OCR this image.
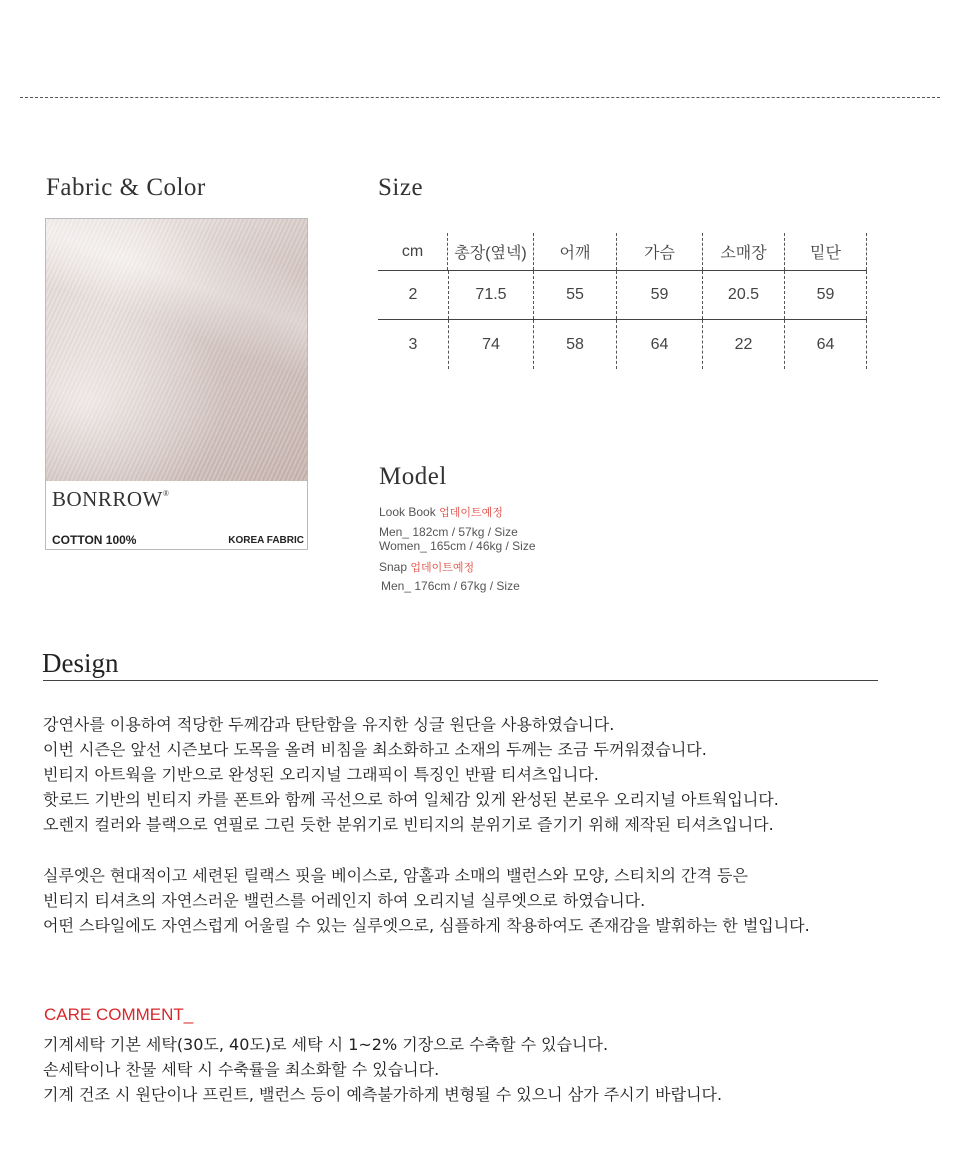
Fabric & Color
BONRROW®
COTTON 100%	KOREA FABRIC
Size
cm	총장(옆넥)	어깨	가슴	소매장	밑단
2	71.5	55	59	20.5	59
3	74	58	64	22	64
Model
Look Book 업데이트예정
Men_ 182cm / 57kg / Size
Women_ 165cm / 46kg / Size
Snap 업데이트예정
Men_ 176cm / 67kg / Size
Design
강연사를 이용하여 적당한 두께감과 탄탄함을 유지한 싱글 원단을 사용하였습니다.
이번 시즌은 앞선 시즌보다 도목을 올려 비침을 최소화하고 소재의 두께는 조금 두꺼워졌습니다.
빈티지 아트웍을 기반으로 완성된 오리지널 그래픽이 특징인 반팔 티셔츠입니다.
핫로드 기반의 빈티지 카를 폰트와 함께 곡선으로 하여 일체감 있게 완성된 본로우 오리지널 아트웍입니다.
오렌지 컬러와 블랙으로 연필로 그린 듯한 분위기로 빈티지의 분위기로 즐기기 위해 제작된 티셔츠입니다.
실루엣은 현대적이고 세련된 릴랙스 핏을 베이스로, 암홀과 소매의 밸런스와 모양, 스티치의 간격 등은
빈티지 티셔츠의 자연스러운 밸런스를 어레인지 하여 오리지널 실루엣으로 하였습니다.
어떤 스타일에도 자연스럽게 어울릴 수 있는 실루엣으로, 심플하게 착용하여도 존재감을 발휘하는 한 벌입니다.
CARE COMMENT_
기계세탁 기본 세탁(30도, 40도)로 세탁 시 1~2% 기장으로 수축할 수 있습니다.
손세탁이나 찬물 세탁 시 수축률을 최소화할 수 있습니다.
기계 건조 시 원단이나 프린트, 밸런스 등이 예측불가하게 변형될 수 있으니 삼가 주시기 바랍니다.
